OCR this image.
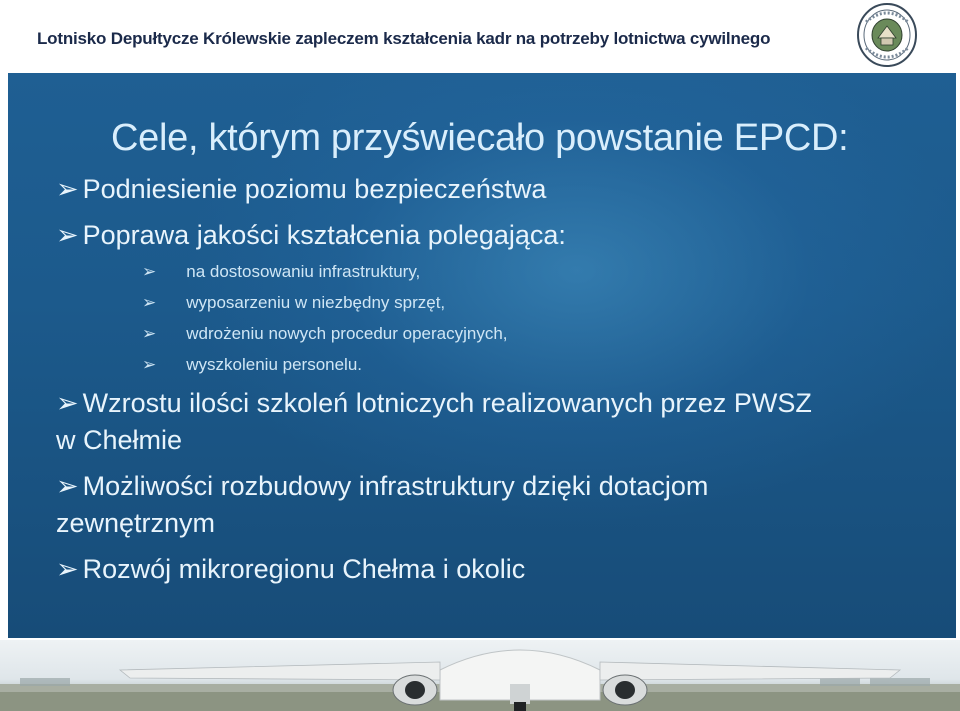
Lotnisko Depułtycze Królewskie zapleczem kształcenia kadr na potrzeby lotnictwa cywilnego
Cele, którym przyświecało powstanie EPCD:
➢ Podniesienie poziomu bezpieczeństwa
➢ Poprawa jakości kształcenia polegająca:
➢ na dostosowaniu infrastruktury,
➢ wyposarzeniu w niezbędny sprzęt,
➢ wdrożeniu nowych procedur operacyjnych,
➢ wyszkoleniu personelu.
➢ Wzrostu ilości szkoleń lotniczych realizowanych przez PWSZ
w Chełmie
➢ Możliwości rozbudowy infrastruktury dzięki dotacjom
zewnętrznym
➢ Rozwój mikroregionu Chełma i okolic
